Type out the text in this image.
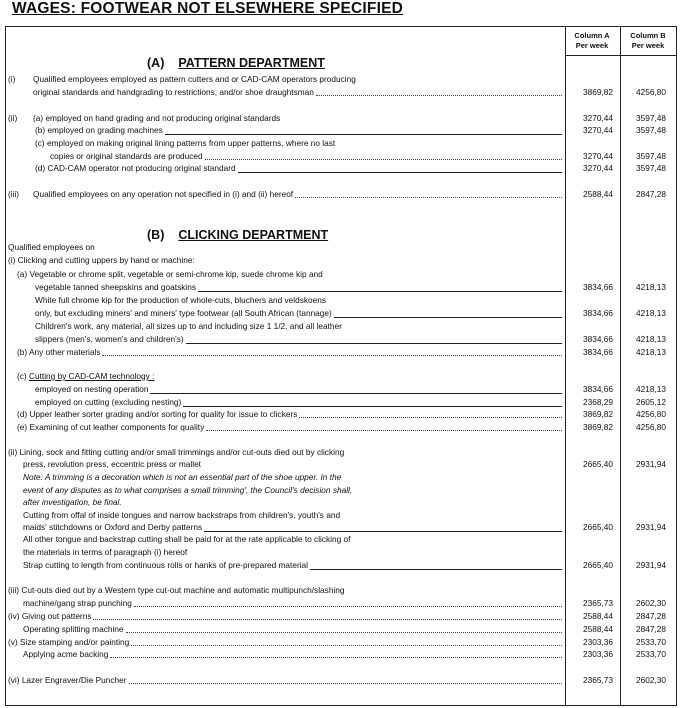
WAGES: FOOTWEAR NOT ELSEWHERE SPECIFIED
Column A
Per week
Column B
Per week
(A) PATTERN DEPARTMENT
(B) CLICKING DEPARTMENT
(i) Qualified employees employed as pattern cutters and or CAD-CAM operators producing
original standards and handgrading to restrictions, and/or shoe draughtsman	3869,82	4256,80
(ii) (a) employed on hand grading and not producing original standards	3270,44	3597,48
(b) employed on grading machines	3270,44	3597,48
(c) employed on making original lining patterns from upper patterns, where no last
copies or original standards are produced	3270,44	3597,48
(d) CAD-CAM operator not producing original standard	3270,44	3597,48
(iii) Qualified employees on any operation not specified in (i) and (ii) hereof	2588,44	2847,28
Qualified employees on
(i) Clicking and cutting uppers by hand or machine:
(a) Vegetable or chrome split, vegetable or semi-chrome kip, suede chrome kip and
vegetable tanned sheepskins and goatskins	3834,66	4218,13
White full chrome kip for the production of whole-cuts, bluchers and veldskoens
only, but excluding miners' and miners' type footwear (all South African (tannage)	3834,66	4218,13
Children's work, any material, all sizes up to and including size 1 1/2, and all leather
slippers (men's, women's and children's)	3834,66	4218,13
(b) Any other materials	3834,66	4218,13
(c) Cutting by CAD-CAM technology :
employed on nesting operation	3834,66	4218,13
employed on cutting (excluding nesting)	2368,29	2605,12
(d) Upper leather sorter grading and/or sorting for quality for issue to clickers	3869,82	4256,80
(e) Examining of cut leather components for quality	3869,82	4256,80
(ii) Lining, sock and fitting cutting and/or small trimmings and/or cut-outs died out by clicking
press, revolution press, eccentric press or mallet	2665,40	2931,94
Note: A trimming is a decoration which is not an essential part of the shoe upper. In the
event of any disputes as to what comprises a small trimming', the Council's decision shall,
after investigation, be final.
Cutting from offal of inside tongues and narrow backstraps from children's, youth's and
maids' stitchdowns or Oxford and Derby patterns	2665,40	2931,94
All other tongue and backstrap cutting shall be paid for at the rate applicable to clicking of
the materials in terms of paragraph (i) hereof
Strap cutting to length from continuous rolls or hanks of pre-prepared material	2665,40	2931,94
(iii) Cut-outs died out by a Western type cut-out machine and automatic multipunch/slashing
machine/gang strap punching	2365,73	2602,30
(iv) Giving out patterns	2588,44	2847,28
Operating splitting machine	2588,44	2847,28
(v) Size stamping and/or painting	2303,36	2533,70
Applying acme backing	2303,36	2533,70
(vi) Lazer Engraver/Die Puncher	2365,73	2602,30
